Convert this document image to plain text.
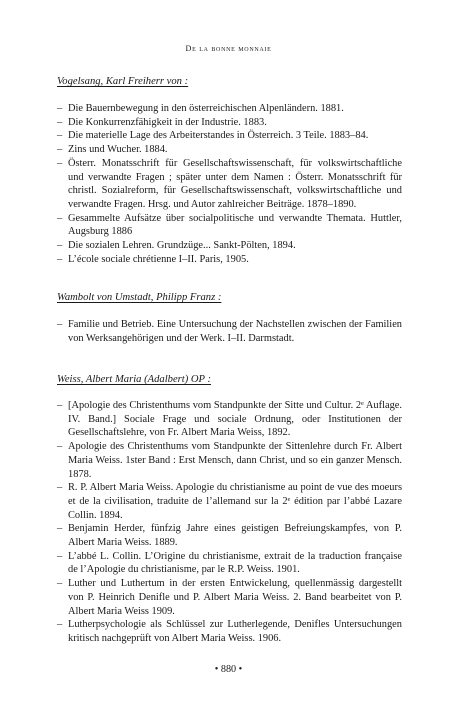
De la bonne monnaie
Vogelsang, Karl Freiherr von :
– Die Bauernbewegung in den österreichischen Alpenländern. 1881.
– Die Konkurrenzfähigkeit in der Industrie. 1883.
– Die materielle Lage des Arbeiterstandes in Österreich. 3 Teile. 1883–84.
– Zins und Wucher. 1884.
– Österr. Monatsschrift für Gesellschaftswissenschaft, für volkswirtschaftliche und verwandte Fragen ; später unter dem Namen : Österr. Monatsschrift für christl. Sozialreform, für Gesellschaftswissenschaft, volkswirtschaftliche und verwandte Fragen. Hrsg. und Autor zahlreicher Beiträge. 1878–1890.
– Gesammelte Aufsätze über socialpolitische und verwandte Themata. Huttler, Augsburg 1886
– Die sozialen Lehren. Grundzüge... Sankt-Pölten, 1894.
– L’école sociale chrétienne I–II. Paris, 1905.
Wambolt von Umstadt, Philipp Franz :
– Familie und Betrieb. Eine Untersuchung der Nachstellen zwischen der Familien von Werksangehörigen und der Werk. I–II. Darmstadt.
Weiss, Albert Maria (Adalbert) OP :
– [Apologie des Christenthums vom Standpunkte der Sitte und Cultur. 2ᵉ Auflage. IV. Band.] Sociale Frage und sociale Ordnung, oder Institutionen der Gesellschaftslehre, von Fr. Albert Maria Weiss, 1892.
– Apologie des Christenthums vom Standpunkte der Sittenlehre durch Fr. Albert Maria Weiss. 1ster Band : Erst Mensch, dann Christ, und so ein ganzer Mensch. 1878.
– R. P. Albert Maria Weiss. Apologie du christianisme au point de vue des moeurs et de la civilisation, traduite de l’allemand sur la 2ᵉ édition par l’abbé Lazare Collin. 1894.
– Benjamin Herder, fünfzig Jahre eines geistigen Befreiungskampfes, von P. Albert Maria Weiss. 1889.
– L’abbé L. Collin. L’Origine du christianisme, extrait de la traduction française de l’Apologie du christianisme, par le R.P. Weiss. 1901.
– Luther und Luthertum in der ersten Entwickelung, quellenmässig dargestellt von P. Heinrich Denifle und P. Albert Maria Weiss. 2. Band bearbeitet von P. Albert Maria Weiss 1909.
– Lutherpsychologie als Schlüssel zur Lutherlegende, Denifles Untersuchungen kritisch nachgeprüft von Albert Maria Weiss. 1906.
• 880 •
